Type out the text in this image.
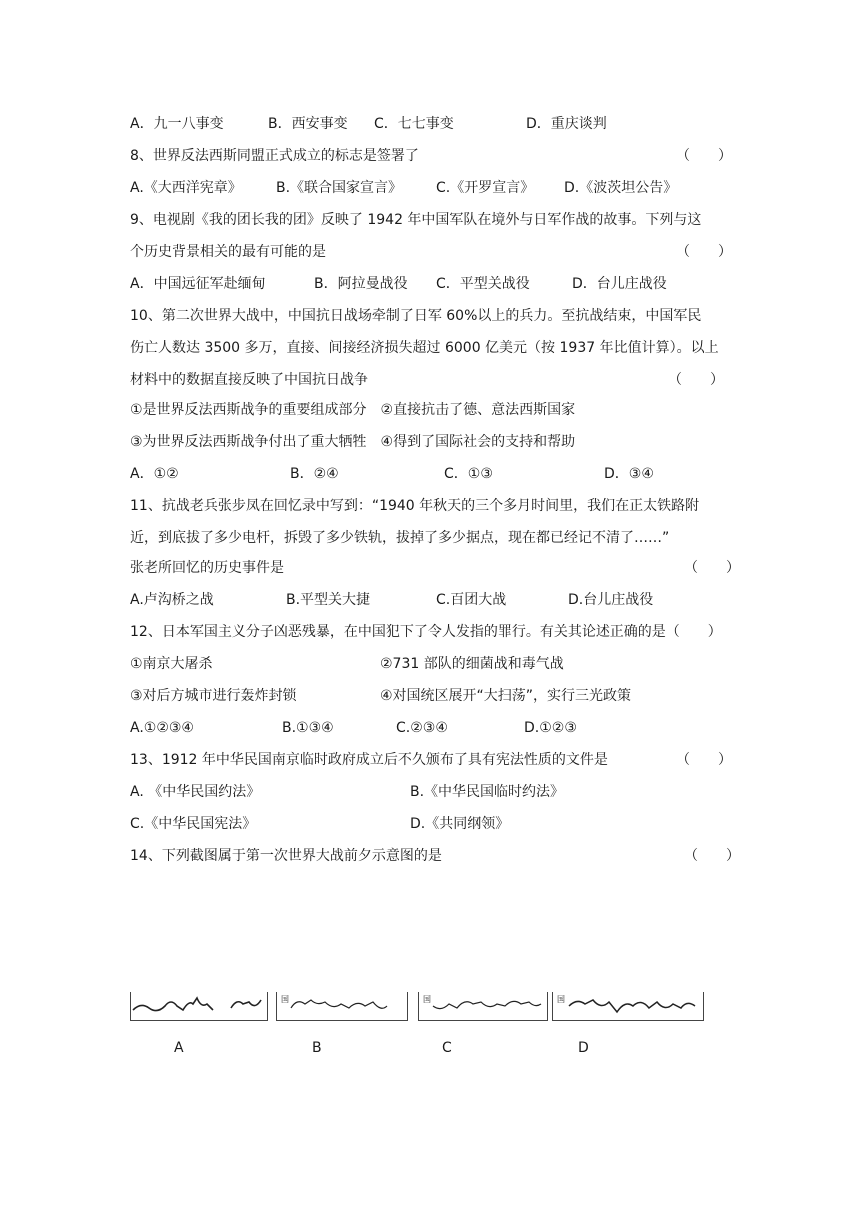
A．九一八事变	B．西安事变 C．七七事变	D．重庆谈判
8、世界反法西斯同盟正式成立的标志是签署了	（　　）
A.《大西洋宪章》 B.《联合国家宣言》 C.《开罗宣言》 D.《波茨坦公告》
9、电视剧《我的团长我的团》反映了 1942 年中国军队在境外与日军作战的故事。下列与这
个历史背景相关的最有可能的是	（　　）
A．中国远征军赴缅甸	B．阿拉曼战役 C．平型关战役	D．台儿庄战役
10、第二次世界大战中，中国抗日战场牵制了日军 60%以上的兵力。至抗战结束，中国军民
伤亡人数达 3500 多万，直接、间接经济损失超过 6000 亿美元（按 1937 年比值计算）。以上
材料中的数据直接反映了中国抗日战争	（　　）
①是世界反法西斯战争的重要组成部分　②直接抗击了德、意法西斯国家
③为世界反法西斯战争付出了重大牺牲　④得到了国际社会的支持和帮助
A．①②	B．②④	C．①③	D．③④
11、抗战老兵张步凤在回忆录中写到：“1940 年秋天的三个多月时间里，我们在正太铁路附
近，到底拔了多少电杆，拆毁了多少铁轨，拔掉了多少据点，现在都已经记不清了……”
张老所回忆的历史事件是	（　　）
A.卢沟桥之战	B.平型关大捷	C.百团大战	D.台儿庄战役
12、日本军国主义分子凶恶残暴，在中国犯下了令人发指的罪行。有关其论述正确的是（　　）
①南京大屠杀	②731 部队的细菌战和毒气战
③对后方城市进行轰炸封锁	④对国统区展开“大扫荡”，实行三光政策
A.①②③④	B.①③④	C.②③④	D.①②③
13、1912 年中华民国南京临时政府成立后不久颁布了具有宪法性质的文件是	（　　）
A. 《中华民国约法》	B.《中华民国临时约法》
C.《中华民国宪法》	D.《共同纲领》
14、下列截图属于第一次世界大战前夕示意图的是	（　　）
国	国	国
A	B	C	D
